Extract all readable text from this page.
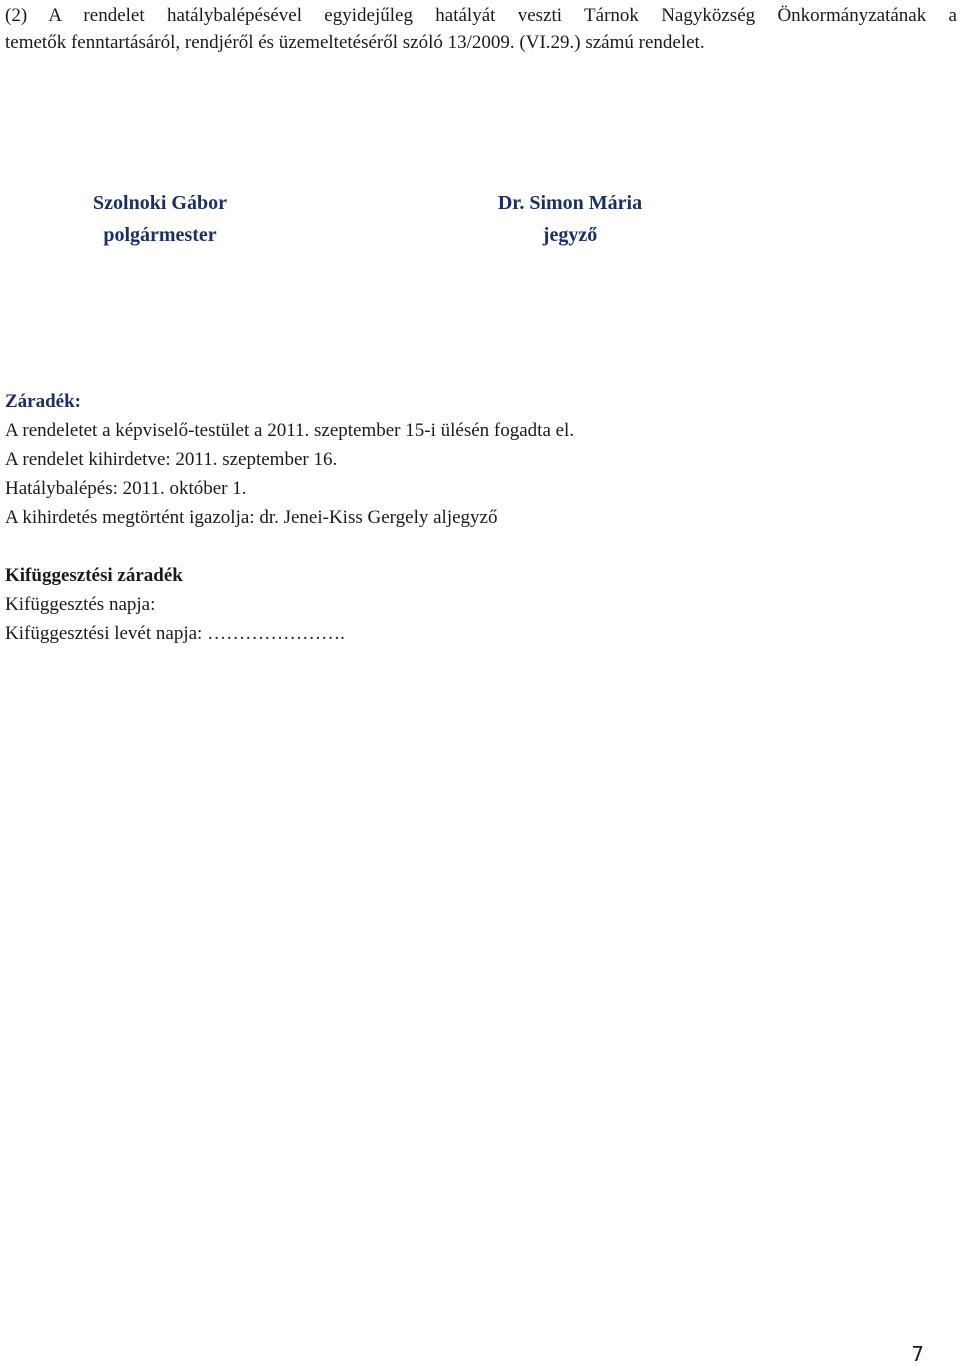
(2) A rendelet hatálybalépésével egyidejűleg hatályát veszti Tárnok Nagyközség Önkormányzatának a
temetők fenntartásáról, rendjéről és üzemeltetéséről szóló 13/2009. (VI.29.) számú rendelet.

Szolnoki Gábor
polgármester
Dr. Simon Mária
jegyző
Záradék:
A rendeletet a képviselő-testület a 2011. szeptember 15-i ülésén fogadta el.
A rendelet kihirdetve: 2011. szeptember 16.
Hatálybalépés: 2011. október 1.
A kihirdetés megtörtént igazolja: dr. Jenei-Kiss Gergely aljegyző
Kifüggesztési záradék
Kifüggesztés napja:
Kifüggesztési levét napja: ………………….
7
